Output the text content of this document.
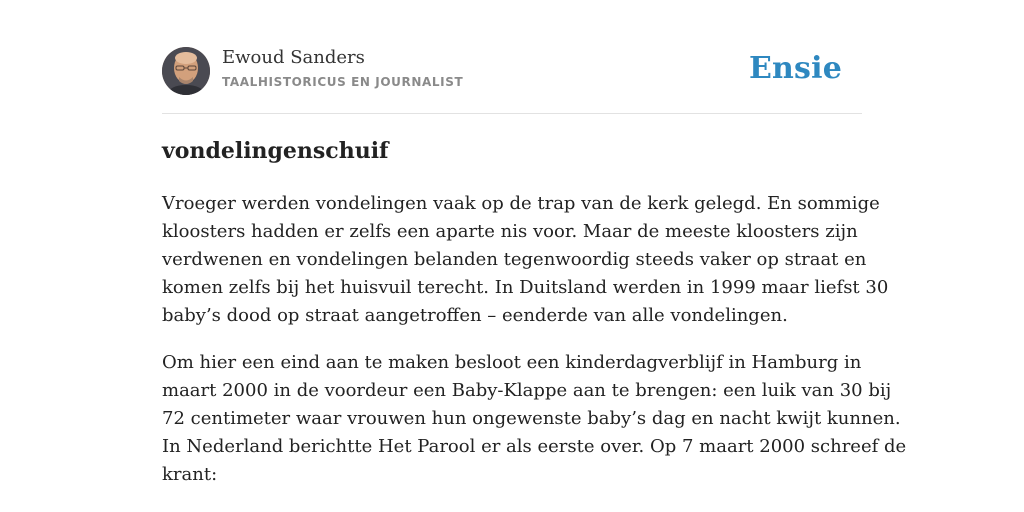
Ewoud Sanders
TAALHISTORICUS EN JOURNALIST	Ensie
vondelingenschuif
Vroeger werden vondelingen vaak op de trap van de kerk gelegd. En sommige
kloosters hadden er zelfs een aparte nis voor. Maar de meeste kloosters zijn
verdwenen en vondelingen belanden tegenwoordig steeds vaker op straat en
komen zelfs bij het huisvuil terecht. In Duitsland werden in 1999 maar liefst 30
baby’s dood op straat aangetroffen – eenderde van alle vondelingen.
Om hier een eind aan te maken besloot een kinderdagverblijf in Hamburg in
maart 2000 in de voordeur een Baby-Klappe aan te brengen: een luik van 30 bij
72 centimeter waar vrouwen hun ongewenste baby’s dag en nacht kwijt kunnen.
In Nederland berichtte Het Parool er als eerste over. Op 7 maart 2000 schreef de
krant:
